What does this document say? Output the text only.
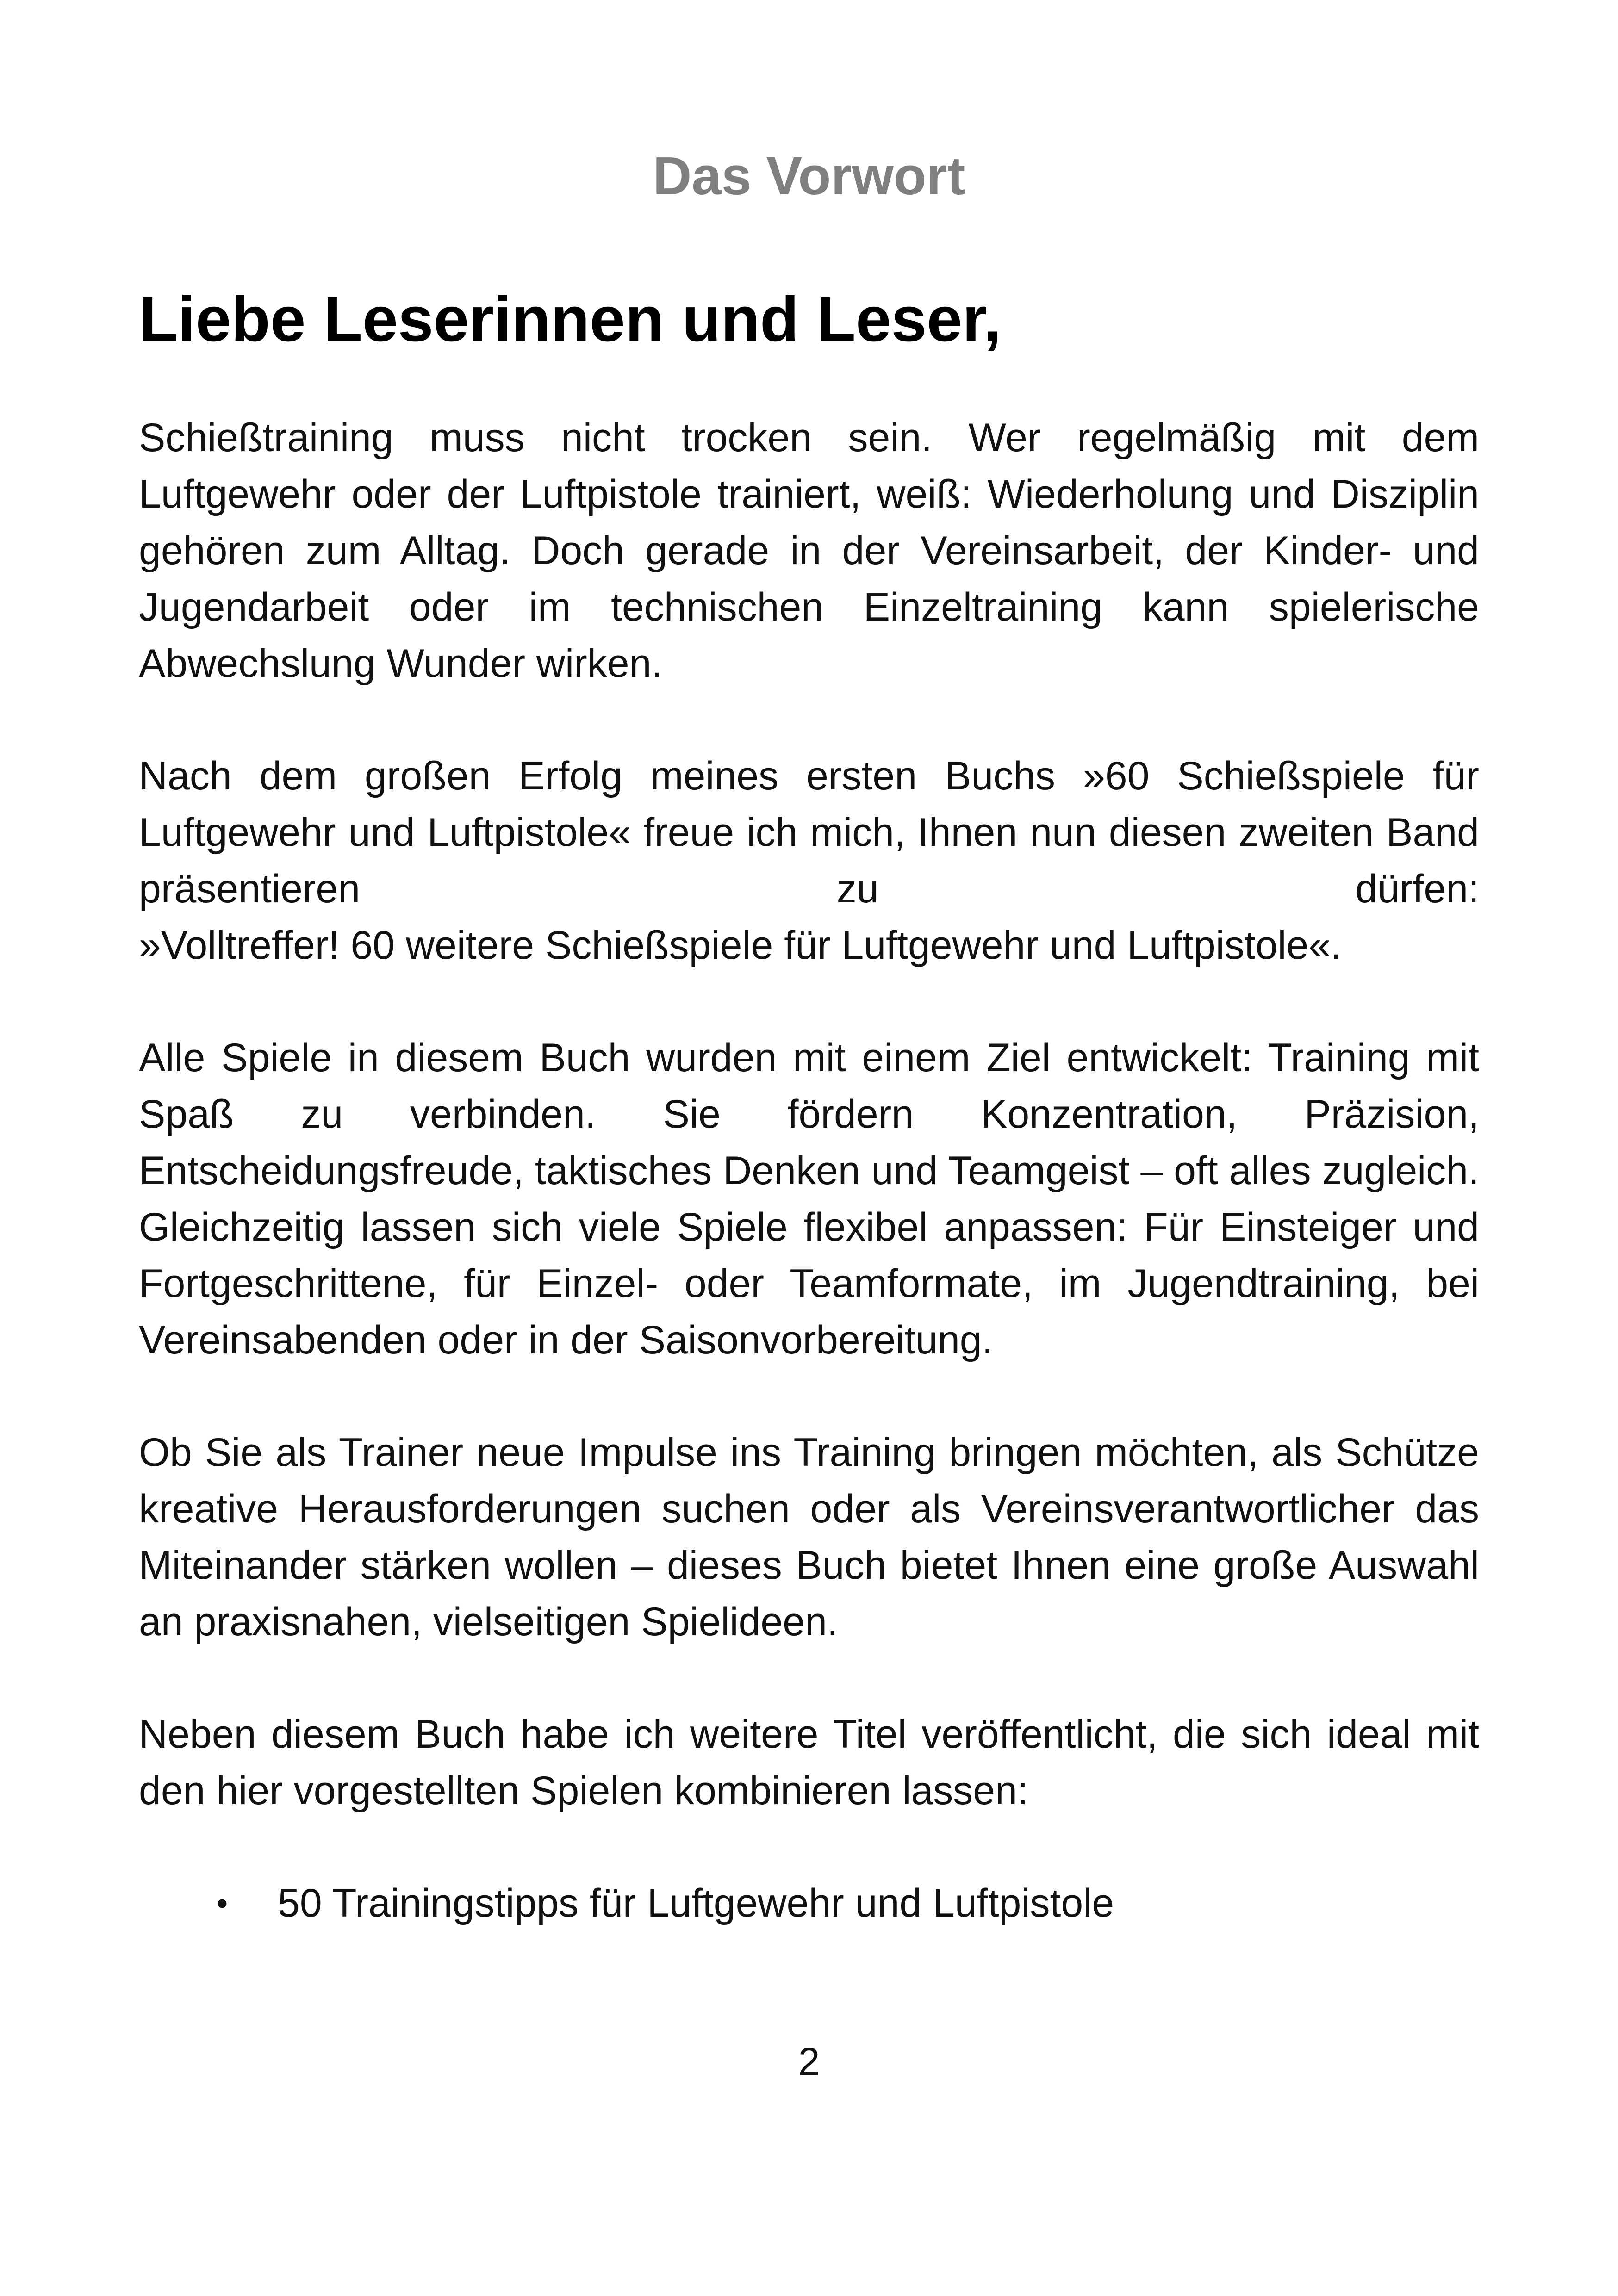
Das Vorwort
Liebe Leserinnen und Leser,

Schießtraining muss nicht trocken sein. Wer regelmäßig mit dem Luftgewehr oder der Luftpistole trainiert, weiß: Wiederholung und Disziplin gehören zum Alltag. Doch gerade in der Vereinsarbeit, der Kinder- und Jugendarbeit oder im technischen Einzeltraining kann spielerische Abwechslung Wunder wirken.

Nach dem großen Erfolg meines ersten Buchs »60 Schießspiele für Luftgewehr und Luftpistole« freue ich mich, Ihnen nun diesen zweiten Band präsentieren zu dürfen:
»Volltreffer! 60 weitere Schießspiele für Luftgewehr und Luftpistole«.

Alle Spiele in diesem Buch wurden mit einem Ziel entwickelt: Training mit Spaß zu verbinden. Sie fördern Konzentration, Präzision, Entscheidungsfreude, taktisches Denken und Teamgeist – oft alles zugleich. Gleichzeitig lassen sich viele Spiele flexibel anpassen: Für Einsteiger und Fortgeschrittene, für Einzel- oder Teamformate, im Jugendtraining, bei Vereinsabenden oder in der Saisonvorbereitung.

Ob Sie als Trainer neue Impulse ins Training bringen möchten, als Schütze kreative Herausforderungen suchen oder als Vereinsverantwortlicher das Miteinander stärken wollen – dieses Buch bietet Ihnen eine große Auswahl an praxisnahen, vielseitigen Spielideen.

Neben diesem Buch habe ich weitere Titel veröffentlicht, die sich ideal mit den hier vorgestellten Spielen kombinieren lassen:

• 50 Trainingstipps für Luftgewehr und Luftpistole
2
